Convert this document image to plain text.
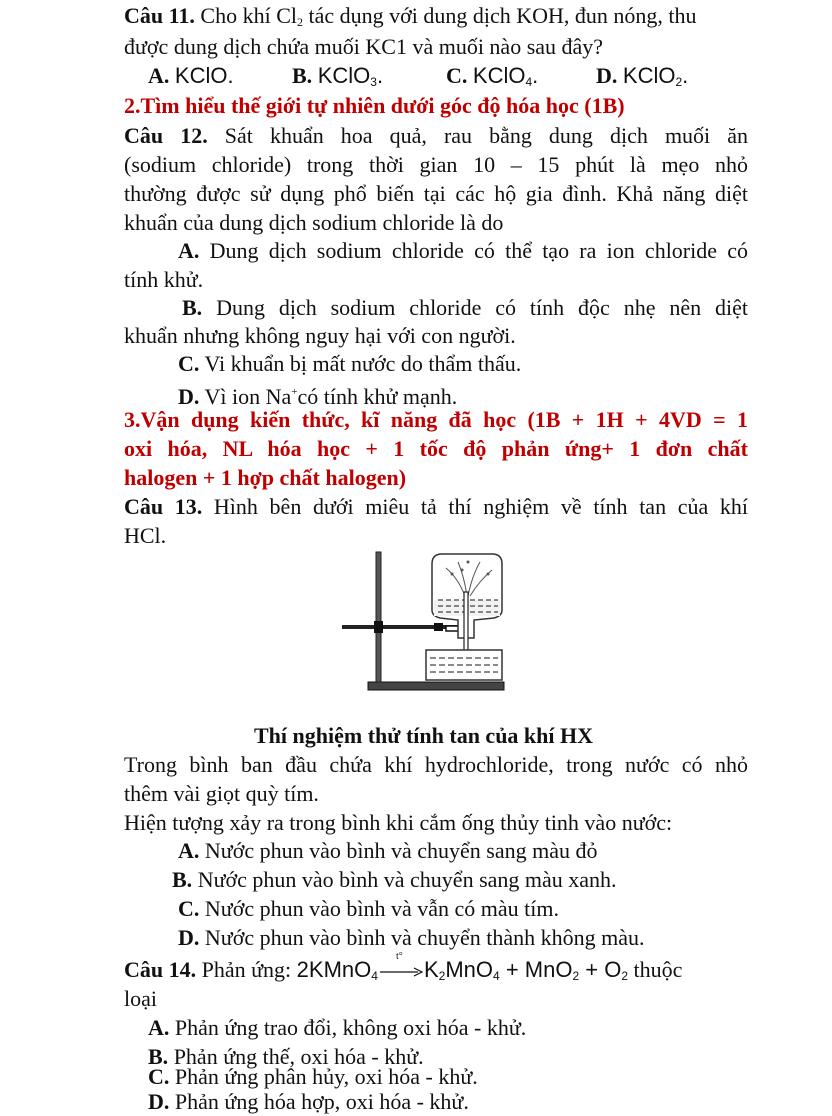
Câu 11. Cho khí $Cl_2$ tác dụng với dung dịch KOH, đun nóng, thu
được dung dịch chứa muối KC1 và muối nào sau đây?
A. KClO.	B. KClO$_3$.	C. KClO$_4$.	D. KClO$_2$.
2.Tìm hiểu thế giới tự nhiên dưới góc độ hóa học (1B)
Câu 12. Sát khuẩn hoa quả, rau bằng dung dịch muối ăn
(sodium chloride) trong thời gian 10 – 15 phút là mẹo nhỏ
thường được sử dụng phổ biến tại các hộ gia đình. Khả năng diệt
khuẩn của dung dịch sodium chloride là do
A. Dung dịch sodium chloride có thể tạo ra ion chloride có
tính khử.
B. Dung dịch sodium chloride có tính độc nhẹ nên diệt
khuẩn nhưng không nguy hại với con người.
C. Vi khuẩn bị mất nước do thẩm thấu.
D. Vì ion Na+có tính khử mạnh.
3.Vận dụng kiến thức, kĩ năng đã học (1B + 1H + 4VD = 1
oxi hóa, NL hóa học + 1 tốc độ phản ứng+ 1 đơn chất
halogen + 1 hợp chất halogen)
Câu 13. Hình bên dưới miêu tả thí nghiệm về tính tan của khí
HCl.
Thí nghiệm thử tính tan của khí HX
Trong bình ban đầu chứa khí hydrochloride, trong nước có nhỏ
thêm vài giọt quỳ tím.
Hiện tượng xảy ra trong bình khi cắm ống thủy tinh vào nước:
A. Nước phun vào bình và chuyển sang màu đỏ
B. Nước phun vào bình và chuyển sang màu xanh.
C. Nước phun vào bình và vẫn có màu tím.
D. Nước phun vào bình và chuyển thành không màu.
Câu 14. Phản ứng: 2KMnO$_4$
t°
$K_2MnO_4 + MnO_2 + O_2$ thuộc
loại
A. Phản ứng trao đổi, không oxi hóa - khử.
B. Phản ứng thế, oxi hóa - khử.
C. Phản ứng phân hủy, oxi hóa - khử.
D. Phản ứng hóa hợp, oxi hóa - khử.
